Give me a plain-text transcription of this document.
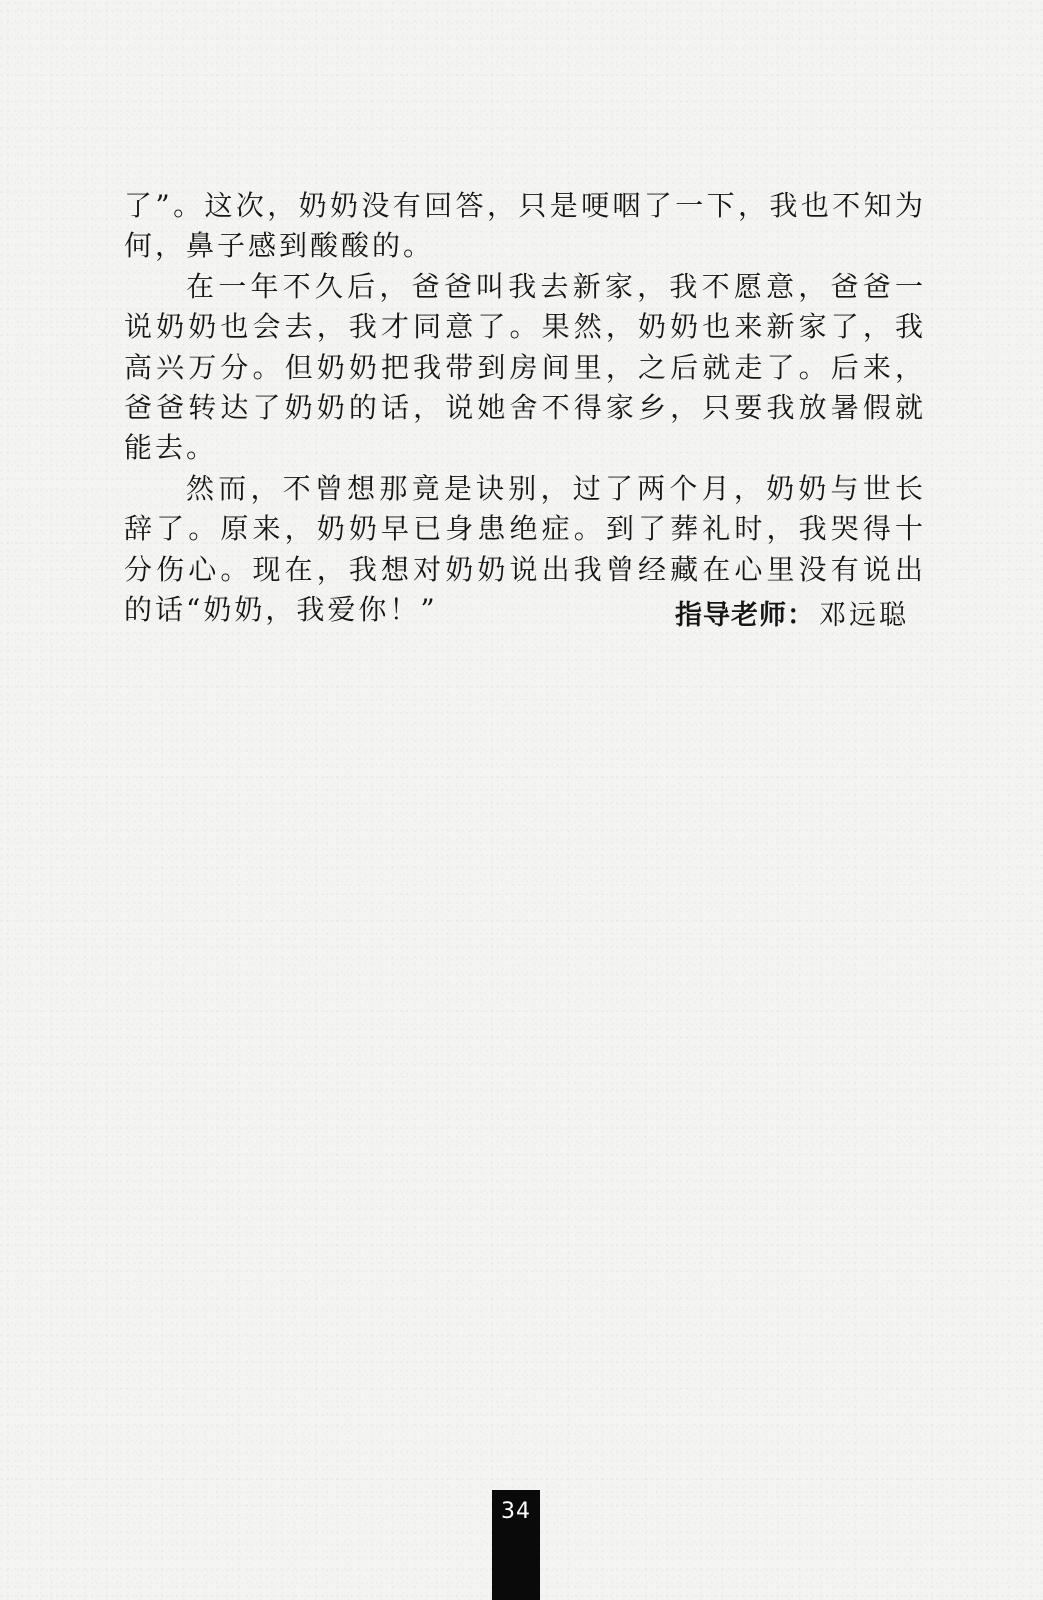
了”。这次，奶奶没有回答，只是哽咽了一下，我也不知为何，鼻子感到酸酸的。

在一年不久后，爸爸叫我去新家，我不愿意，爸爸一说奶奶也会去，我才同意了。果然，奶奶也来新家了，我高兴万分。但奶奶把我带到房间里，之后就走了。后来，爸爸转达了奶奶的话，说她舍不得家乡，只要我放暑假就能去。

然而，不曾想那竟是诀别，过了两个月，奶奶与世长辞了。原来，奶奶早已身患绝症。到了葬礼时，我哭得十分伤心。现在，我想对奶奶说出我曾经藏在心里没有说出的话“奶奶，我爱你！”	指导老师： 邓远聪
34
